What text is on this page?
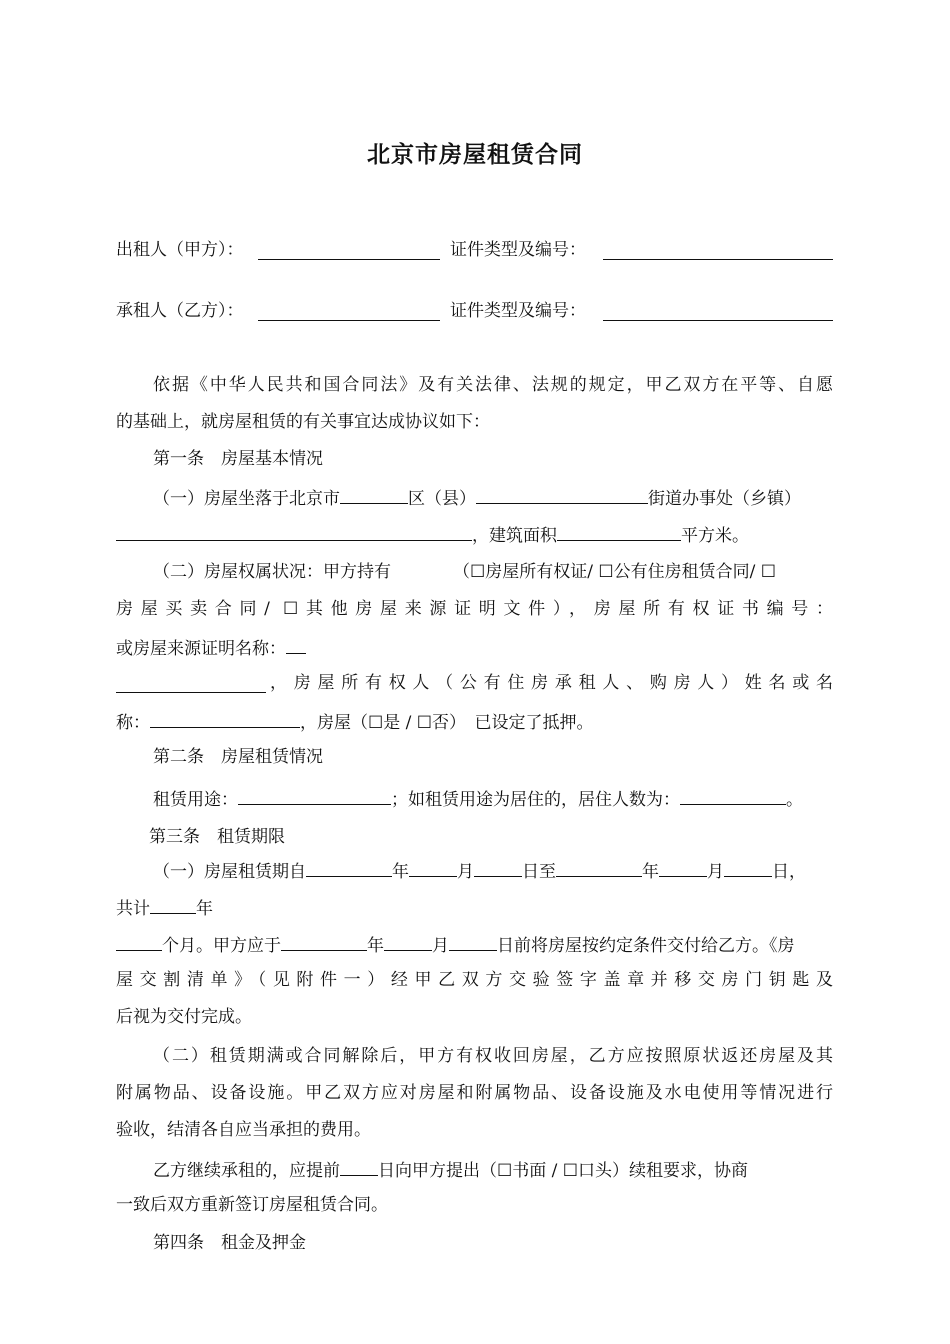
北京市房屋租赁合同
出租人（甲方）：	证件类型及编号：
承租人（乙方）：	证件类型及编号：
依据《中华人民共和国合同法》及有关法律、法规的规定，甲乙双方在平等、自愿
的基础上，就房屋租赁的有关事宜达成协议如下：
第一条　房屋基本情况
（一）房屋坐落于北京市	区（县）	街道办事处（乡镇）
，建筑面积	平方米。
（二）房屋权属状况：甲方持有	（☐房屋所有权证/ ☐公有住房租赁合同/ ☐
房屋买卖合同/ ☐其他房屋来源证明文件），房屋所有权证书编号：
或房屋来源证明名称：
，房屋所有权人（公有住房承租人、购房人）姓名或名
称：	，房屋（☐是 / ☐否）　已设定了抵押。
第二条　房屋租赁情况
租赁用途：	；如租赁用途为居住的，居住人数为：	。
第三条　租赁期限
（一）房屋租赁期自	年	月	日至	年	月	日，
共计	年
个月。甲方应于	年	月	日前将房屋按约定条件交付给乙方。《房
屋交割清单》（见附件一）经甲乙双方交验签字盖章并移交房门钥匙及
后视为交付完成。
（二）租赁期满或合同解除后，甲方有权收回房屋，乙方应按照原状返还房屋及其
附属物品、设备设施。甲乙双方应对房屋和附属物品、设备设施及水电使用等情况进行
验收，结清各自应当承担的费用。
乙方继续承租的，应提前 日向甲方提出（☐书面 / ☐口头）续租要求，协商
一致后双方重新签订房屋租赁合同。
第四条　租金及押金
